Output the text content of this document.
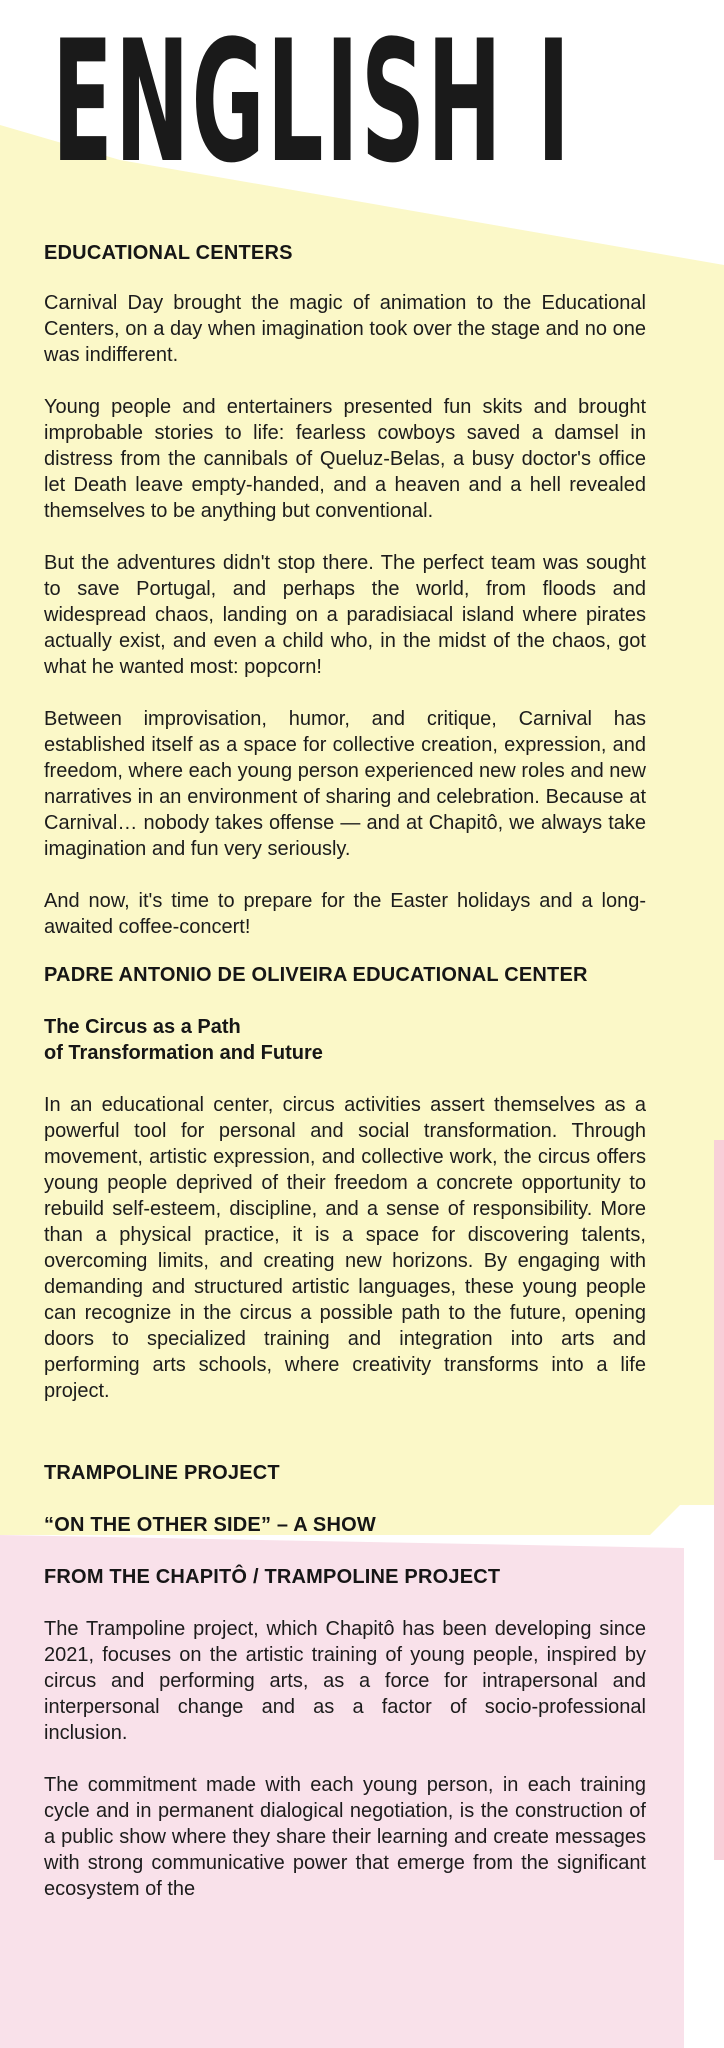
ENGLISH I
EDUCATIONAL CENTERS

Carnival Day brought the magic of animation to the Educational Centers, on a day when imagination took over the stage and no one was indifferent.

Young people and entertainers presented fun skits and brought improbable stories to life: fearless cowboys saved a damsel in distress from the cannibals of Queluz-Belas, a busy doctor's office let Death leave empty-handed, and a heaven and a hell revealed themselves to be anything but conventional.

But the adventures didn't stop there. The perfect team was sought to save Portugal, and perhaps the world, from floods and widespread chaos, landing on a paradisiacal island where pirates actually exist, and even a child who, in the midst of the chaos, got what he wanted most: popcorn!

Between improvisation, humor, and critique, Carnival has established itself as a space for collective creation, expression, and freedom, where each young person experienced new roles and new narratives in an environment of sharing and celebration. Because at Carnival… nobody takes offense — and at Chapitô, we always take imagination and fun very seriously.

And now, it's time to prepare for the Easter holidays and a long-awaited coffee-concert!

PADRE ANTONIO DE OLIVEIRA EDUCATIONAL CENTER
The Circus as a Path
of Transformation and Future

In an educational center, circus activities assert themselves as a powerful tool for personal and social transformation. Through movement, artistic expression, and collective work, the circus offers young people deprived of their freedom a concrete opportunity to rebuild self-esteem, discipline, and a sense of responsibility. More than a physical practice, it is a space for discovering talents, overcoming limits, and creating new horizons. By engaging with demanding and structured artistic languages, these young people can recognize in the circus a possible path to the future, opening doors to specialized training and integration into arts and performing arts schools, where creativity transforms into a life project.

TRAMPOLINE PROJECT
“ON THE OTHER SIDE” – A SHOW
FROM THE CHAPITÔ / TRAMPOLINE PROJECT

The Trampoline project, which Chapitô has been developing since 2021, focuses on the artistic training of young people, inspired by circus and performing arts, as a force for intrapersonal and interpersonal change and as a factor of socio-professional inclusion.

The commitment made with each young person, in each training cycle and in permanent dialogical negotiation, is the construction of a public show where they share their learning and create messages with strong communicative power that emerge from the significant ecosystem of the
